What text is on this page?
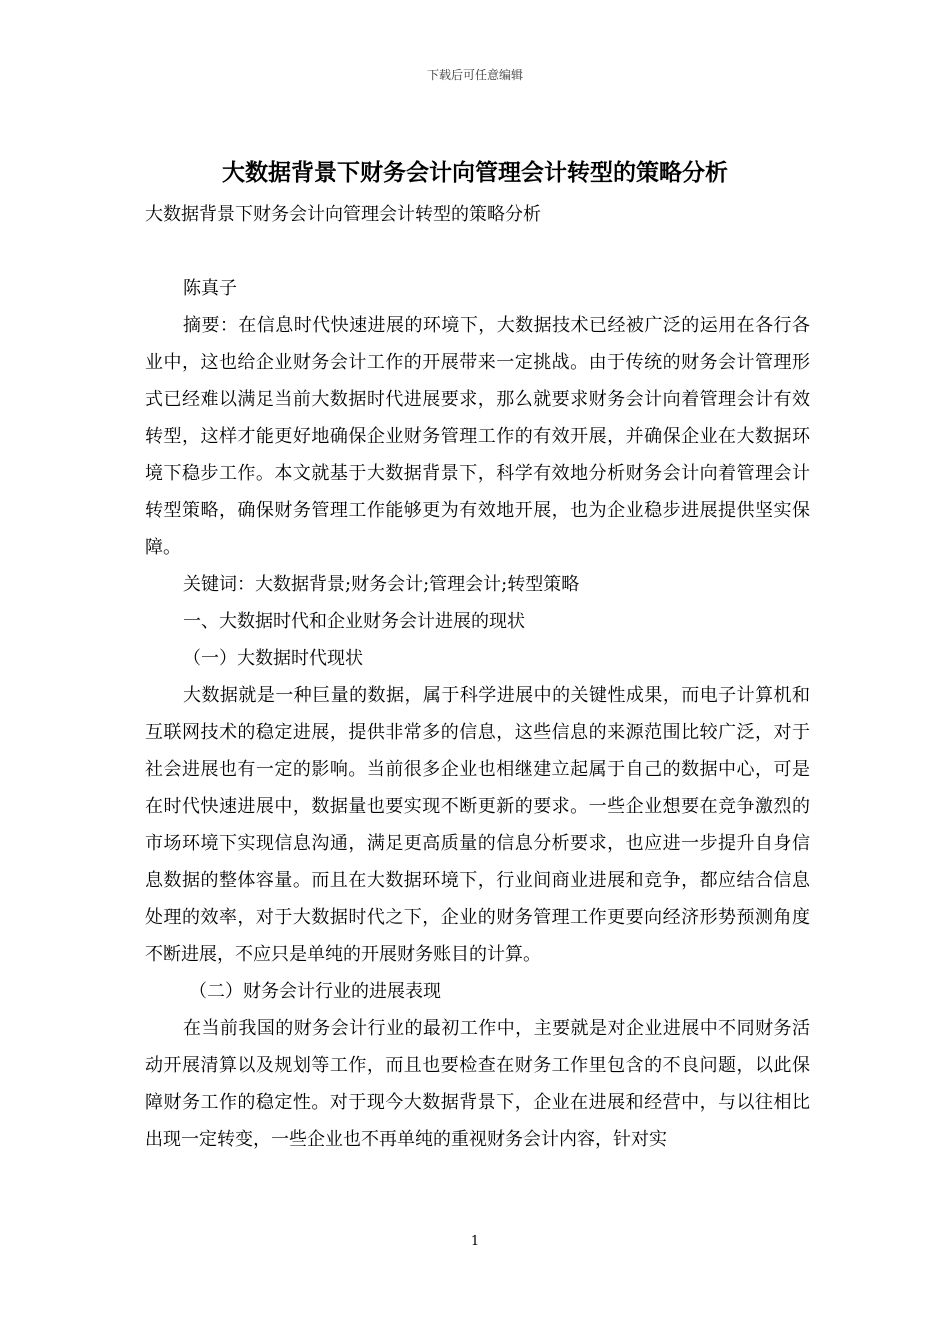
下载后可任意编辑
大数据背景下财务会计向管理会计转型的策略分析

大数据背景下财务会计向管理会计转型的策略分析

陈真子

摘要：在信息时代快速进展的环境下，大数据技术已经被广泛的运用在各行各业中，这也给企业财务会计工作的开展带来一定挑战。由于传统的财务会计管理形式已经难以满足当前大数据时代进展要求，那么就要求财务会计向着管理会计有效转型，这样才能更好地确保企业财务管理工作的有效开展，并确保企业在大数据环境下稳步工作。本文就基于大数据背景下，科学有效地分析财务会计向着管理会计转型策略，确保财务管理工作能够更为有效地开展，也为企业稳步进展提供坚实保障。

关键词：大数据背景;财务会计;管理会计;转型策略

一、大数据时代和企业财务会计进展的现状

（一）大数据时代现状

大数据就是一种巨量的数据，属于科学进展中的关键性成果，而电子计算机和互联网技术的稳定进展，提供非常多的信息，这些信息的来源范围比较广泛，对于社会进展也有一定的影响。当前很多企业也相继建立起属于自己的数据中心，可是在时代快速进展中，数据量也要实现不断更新的要求。一些企业想要在竞争激烈的市场环境下实现信息沟通，满足更高质量的信息分析要求，也应进一步提升自身信息数据的整体容量。而且在大数据环境下，行业间商业进展和竞争，都应结合信息处理的效率，对于大数据时代之下，企业的财务管理工作更要向经济形势预测角度不断进展，不应只是单纯的开展财务账目的计算。

（二）财务会计行业的进展表现

在当前我国的财务会计行业的最初工作中，主要就是对企业进展中不同财务活动开展清算以及规划等工作，而且也要检查在财务工作里包含的不良问题，以此保障财务工作的稳定性。对于现今大数据背景下，企业在进展和经营中，与以往相比出现一定转变，一些企业也不再单纯的重视财务会计内容，针对实

1
